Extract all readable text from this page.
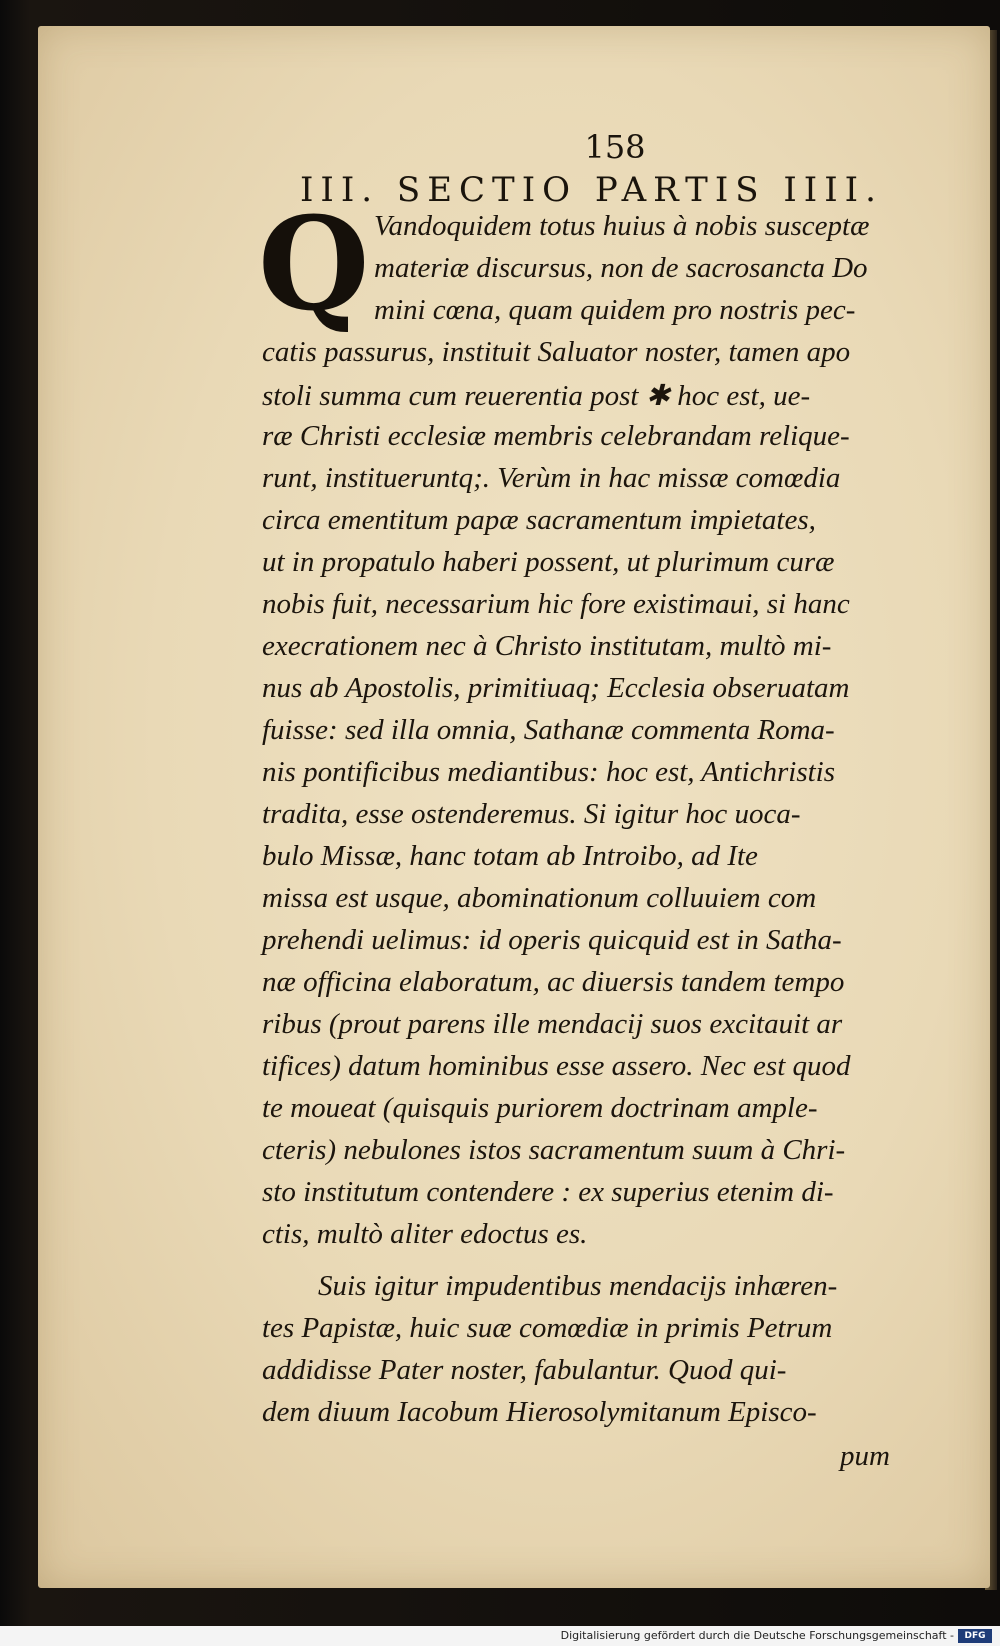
158
III. SECTIO PARTIS IIII.
Q Vandoquidem totus huius à nobis susceptæ
materiæ discursus, non de sacrosancta Do
mini cœna, quam quidem pro nostris pec-
catis passurus, instituit Saluator noster, tamen apo
stoli summa cum reuerentia post ✱ hoc est, ue-
ræ Christi ecclesiæ membris celebrandam relique-
runt, institueruntq;. Verùm in hac missæ comœdia
circa ementitum papæ sacramentum impietates,
ut in propatulo haberi possent, ut plurimum curæ
nobis fuit, necessarium hic fore existimaui, si hanc
execrationem nec à Christo institutam, multò mi-
nus ab Apostolis, primitiuaq; Ecclesia obseruatam
fuisse: sed illa omnia, Sathanæ commenta Roma-
nis pontificibus mediantibus: hoc est, Antichristis
tradita, esse ostenderemus. Si igitur hoc uoca-
bulo Missæ, hanc totam ab Introibo, ad Ite
missa est usque, abominationum colluuiem com
prehendi uelimus: id operis quicquid est in Satha-
næ officina elaboratum, ac diuersis tandem tempo
ribus (prout parens ille mendacij suos excitauit ar
tifices) datum hominibus esse assero. Nec est quod
te moueat (quisquis puriorem doctrinam ample-
cteris) nebulones istos sacramentum suum à Chri-
sto institutum contendere : ex superius etenim di-
ctis, multò aliter edoctus es.
Suis igitur impudentibus mendacijs inhæren-
tes Papistæ, huic suæ comœdiæ in primis Petrum
addidisse Pater noster, fabulantur. Quod qui-
dem diuum Iacobum Hierosolymitanum Episco-
pum
Digitalisierung gefördert durch die Deutsche Forschungsgemeinschaft -	DFG
